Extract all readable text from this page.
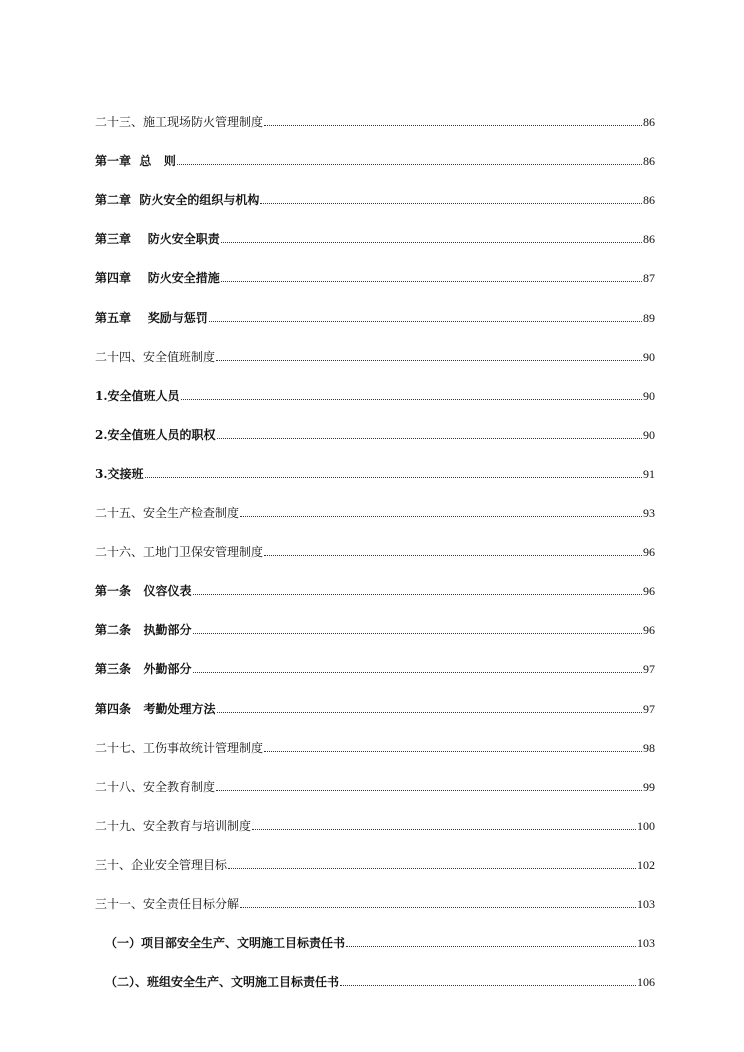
二十三、施工现场防火管理制度	86
第一章  总   则	86
第二章  防火安全的组织与机构	86
第三章    防火安全职责	86
第四章    防火安全措施	87
第五章    奖励与惩罚	89
二十四、安全值班制度	90
1.安全值班人员	90
2.安全值班人员的职权	90
3.交接班	91
二十五、安全生产检查制度	93
二十六、工地门卫保安管理制度	96
第一条   仪容仪表	96
第二条   执勤部分	96
第三条   外勤部分	97
第四条   考勤处理方法	97
二十七、工伤事故统计管理制度	98
二十八、安全教育制度	99
二十九、安全教育与培训制度	100
三十、企业安全管理目标	102
三十一、安全责任目标分解	103
（一）项目部安全生产、文明施工目标责任书	103
（二）、班组安全生产、文明施工目标责任书	106
